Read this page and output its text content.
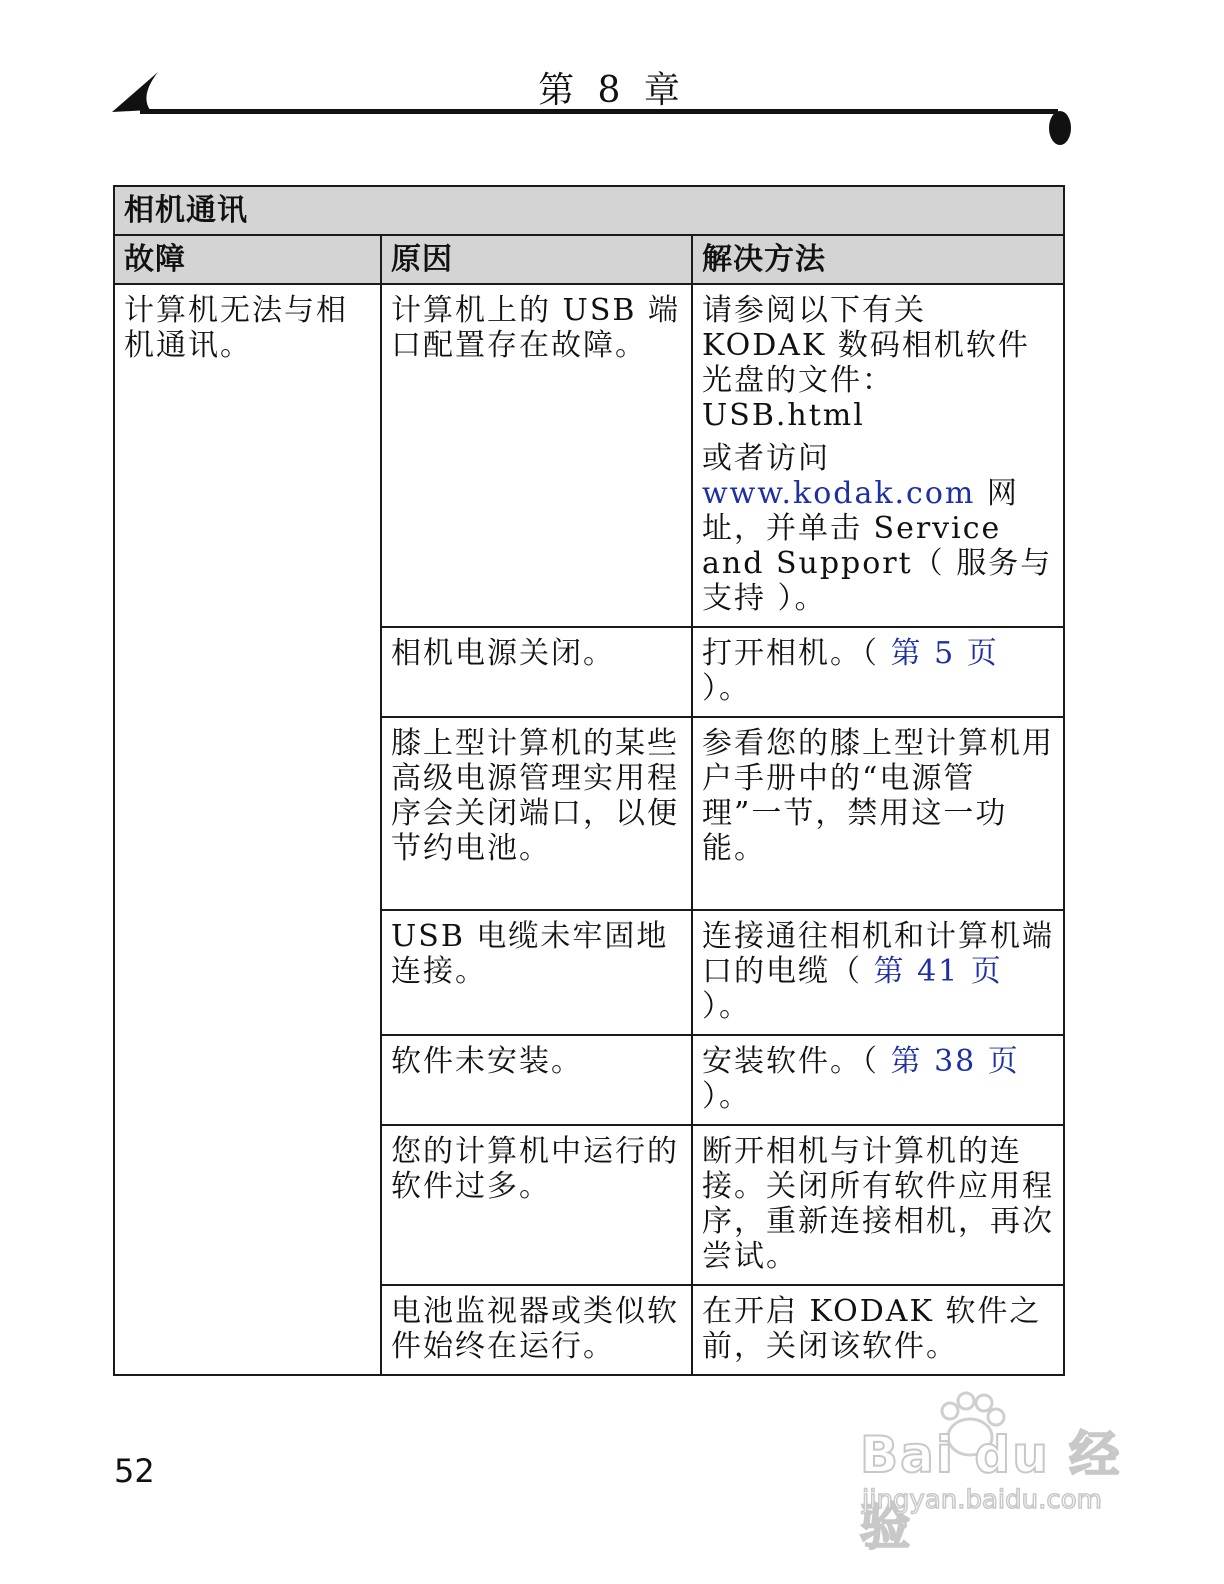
第 8 章
相机通讯		
故障	原因	解决方法
计算机无法与相机通讯。	计算机上的 USB 端口配置存在故障。	请参阅以下有关 KODAK 数码相机软件光盘的文件：USB.html
或者访问 www.kodak.com 网址，并单击 Service and Support（ 服务与支持 ）。

	相机电源关闭。	打开相机。（ 第 5 页 ）。
	膝上型计算机的某些高级电源管理实用程序会关闭端口，以便节约电池。	参看您的膝上型计算机用户手册中的“电源管理”一节，禁用这一功能。
	USB 电缆未牢固地连接。	连接通往相机和计算机端口的电缆（ 第 41 页 ）。
	软件未安装。	安装软件。（ 第 38 页 ）。
	您的计算机中运行的软件过多。	断开相机与计算机的连接。关闭所有软件应用程序，重新连接相机，再次尝试。
	电池监视器或类似软件始终在运行。	在开启 KODAK 软件之前，关闭该软件。
52	Bai du 经验
jingyan.baidu.com
